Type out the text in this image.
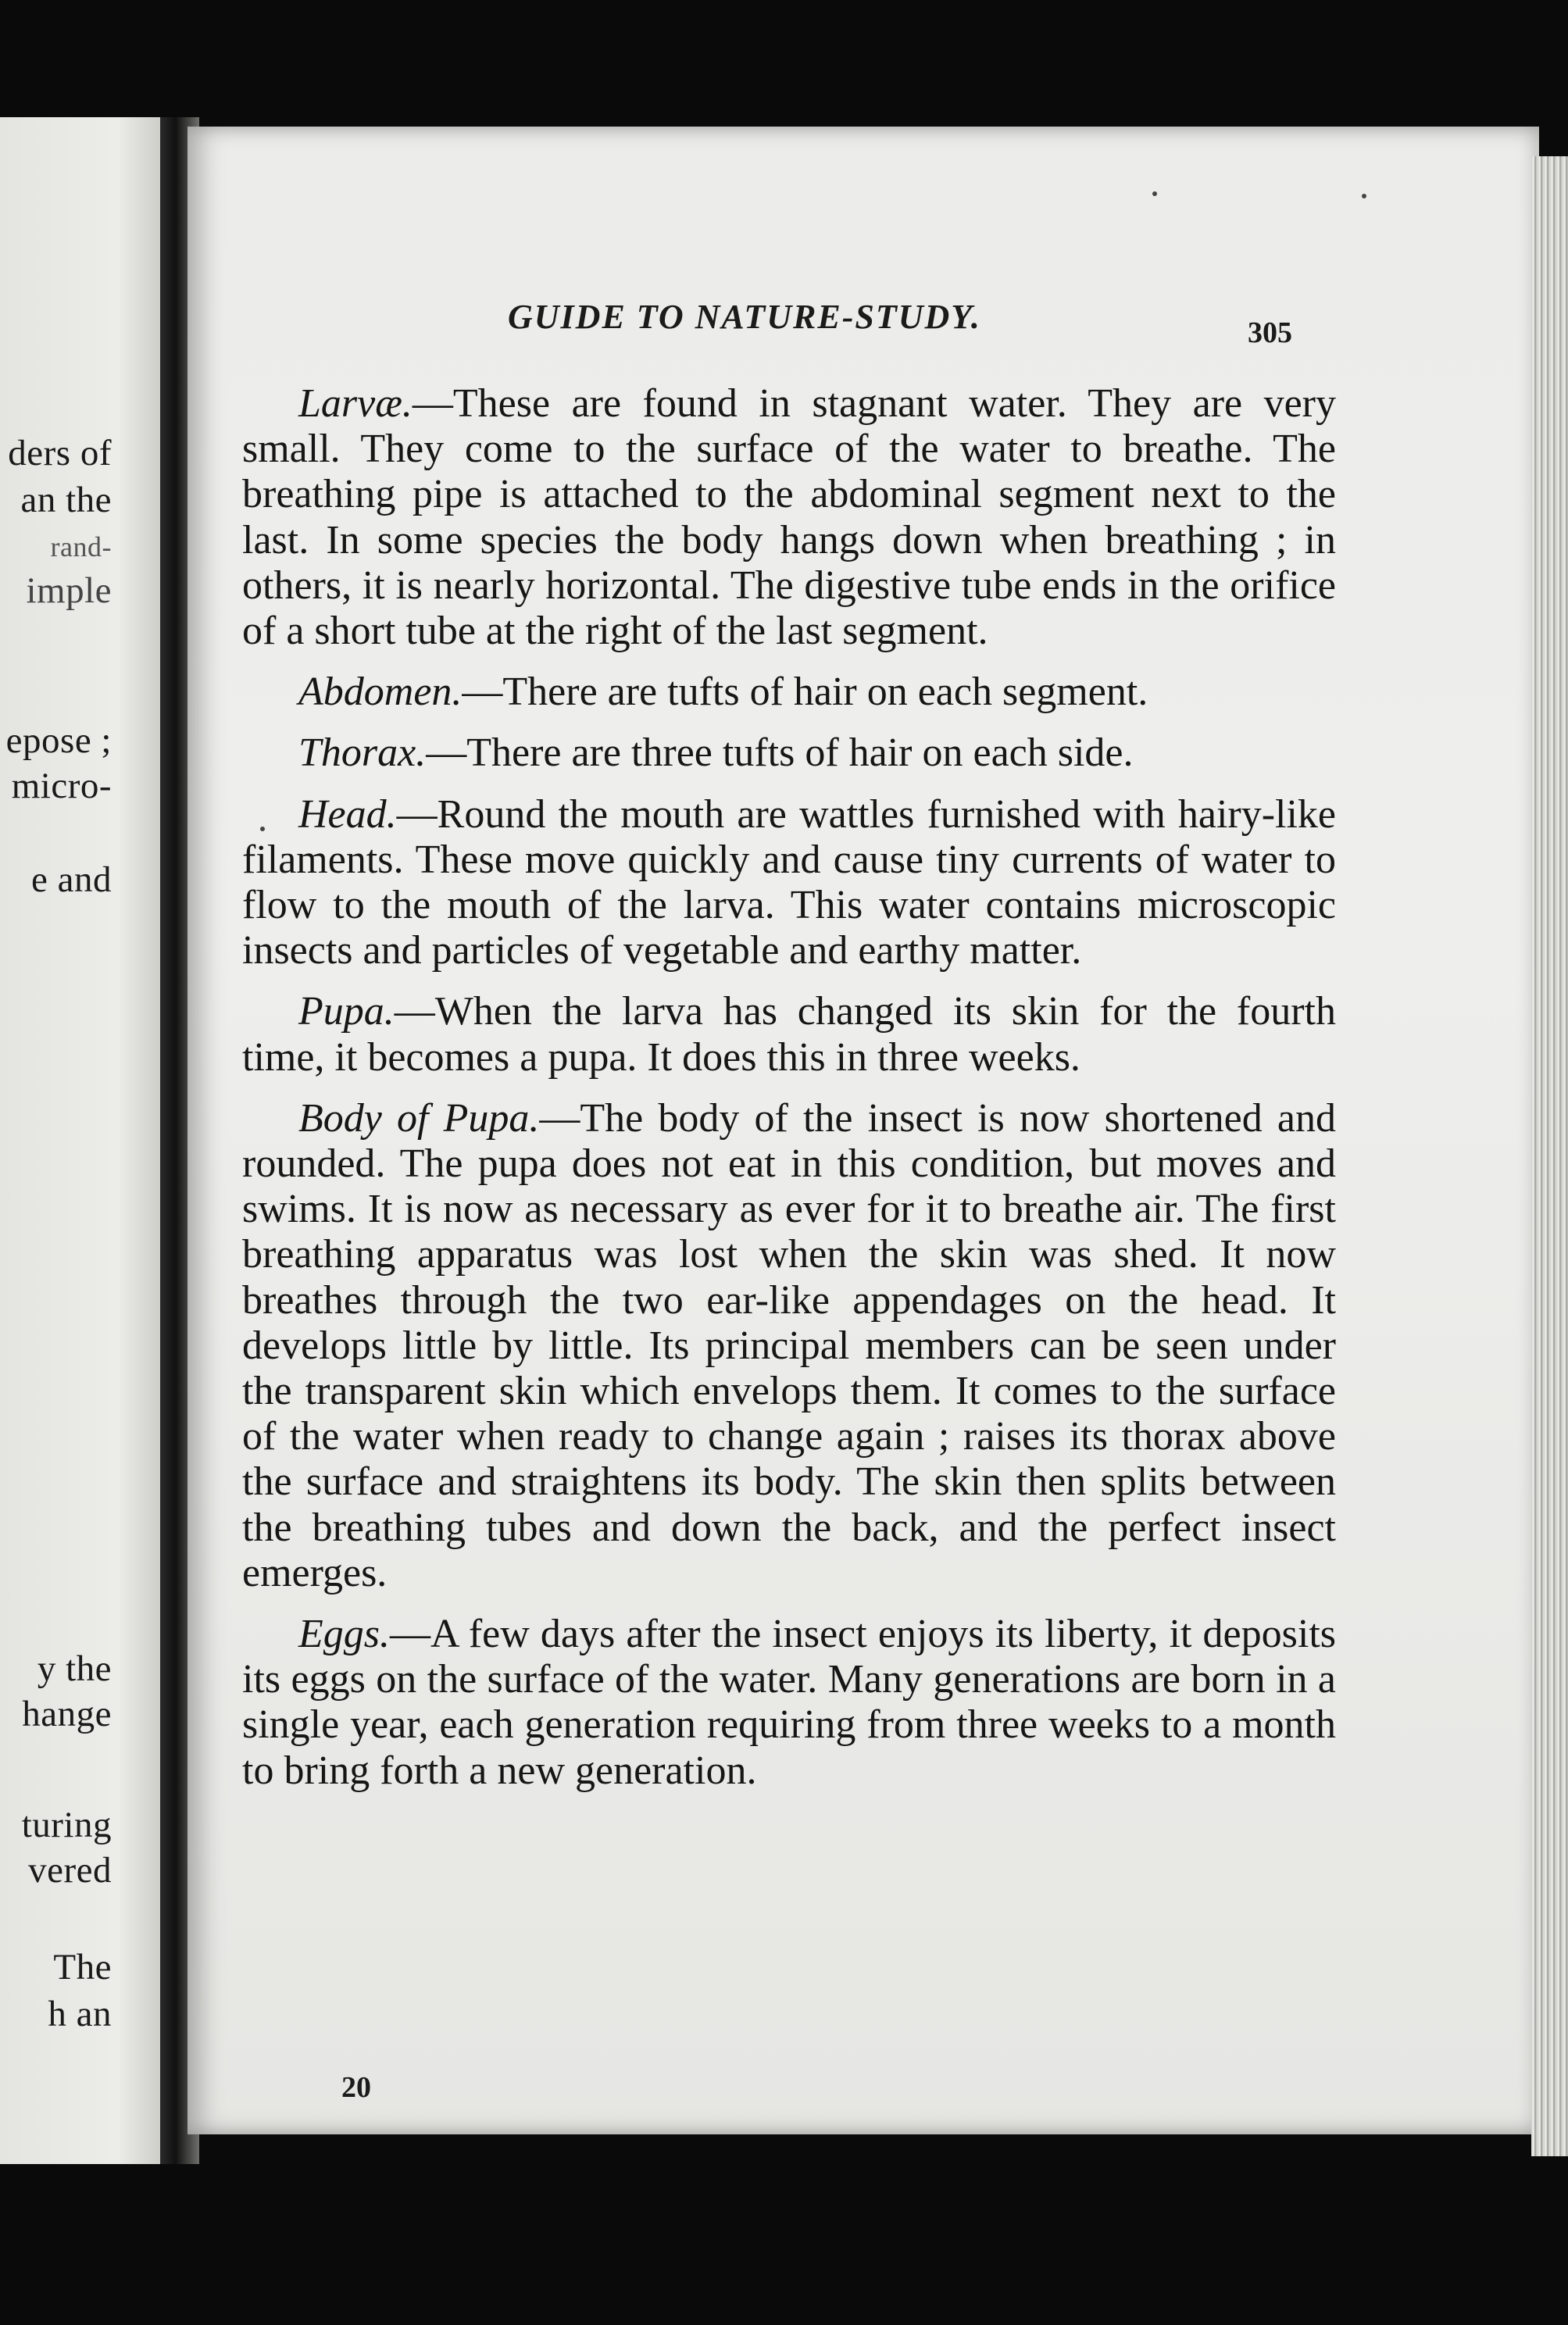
ders of
an the
rand-
imple
epose ;
micro-
e and
y the
hange
turing
vered
The
h an
GUIDE TO NATURE-STUDY.	305

Larvæ.—These are found in stagnant water. They are very small. They come to the surface of the water to breathe. The breathing pipe is attached to the abdominal segment next to the last. In some species the body hangs down when breathing ; in others, it is nearly horizontal. The digestive tube ends in the orifice of a short tube at the right of the last segment.

Abdomen.—There are tufts of hair on each segment.

Thorax.—There are three tufts of hair on each side.

Head.—Round the mouth are wattles furnished with hairy-like filaments. These move quickly and cause tiny currents of water to flow to the mouth of the larva. This water contains microscopic insects and particles of vegetable and earthy matter.

Pupa.—When the larva has changed its skin for the fourth time, it becomes a pupa. It does this in three weeks.

Body of Pupa.—The body of the insect is now shortened and rounded. The pupa does not eat in this condition, but moves and swims. It is now as necessary as ever for it to breathe air. The first breathing apparatus was lost when the skin was shed. It now breathes through the two ear-like appendages on the head. It develops little by little. Its principal members can be seen under the transparent skin which envelops them. It comes to the surface of the water when ready to change again ; raises its thorax above the surface and straightens its body. The skin then splits between the breathing tubes and down the back, and the perfect insect emerges.

Eggs.—A few days after the insect enjoys its liberty, it deposits its eggs on the surface of the water. Many generations are born in a single year, each generation requiring from three weeks to a month to bring forth a new generation.

20
